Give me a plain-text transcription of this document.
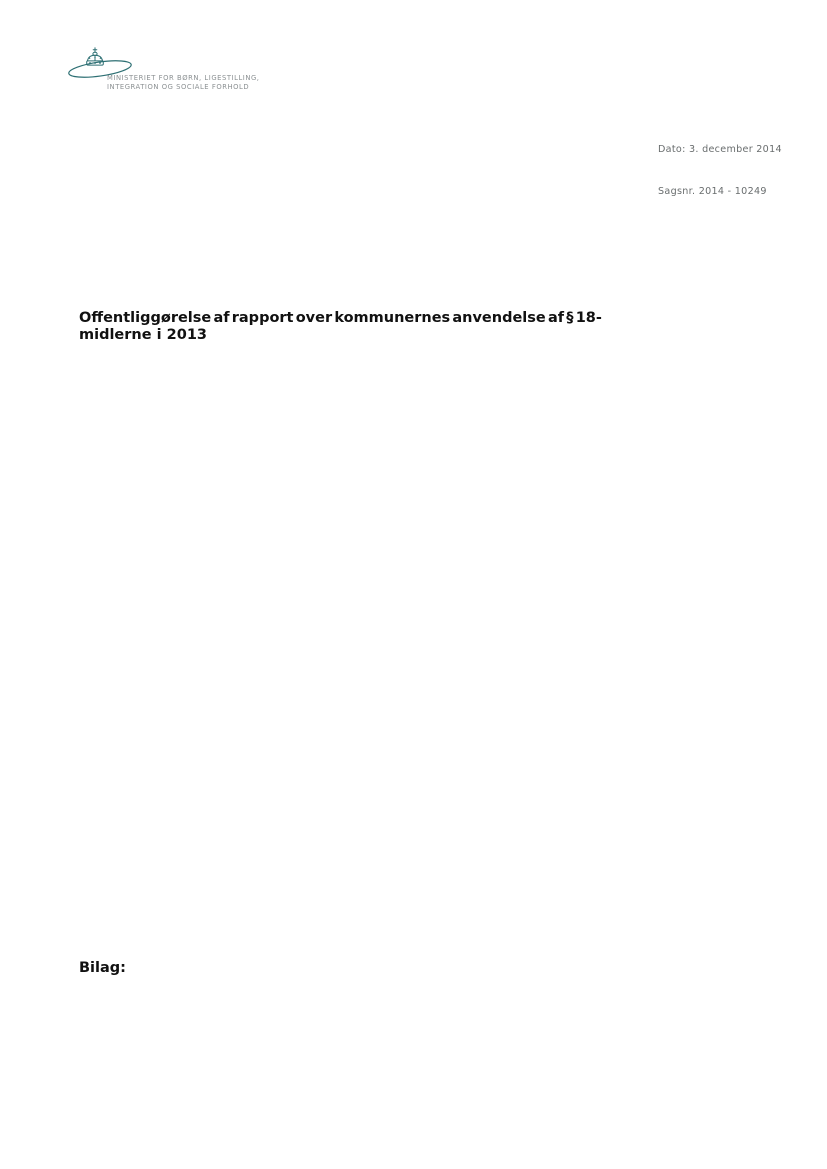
MINISTERIET FOR BØRN, LIGESTILLING,
INTEGRATION OG SOCIALE FORHOLD
Dato: 3. december 2014
Sagsnr. 2014 - 10249
Offentliggørelse af rapport over kommunernes anvendelse af § 18-
midlerne i 2013
Bilag:
